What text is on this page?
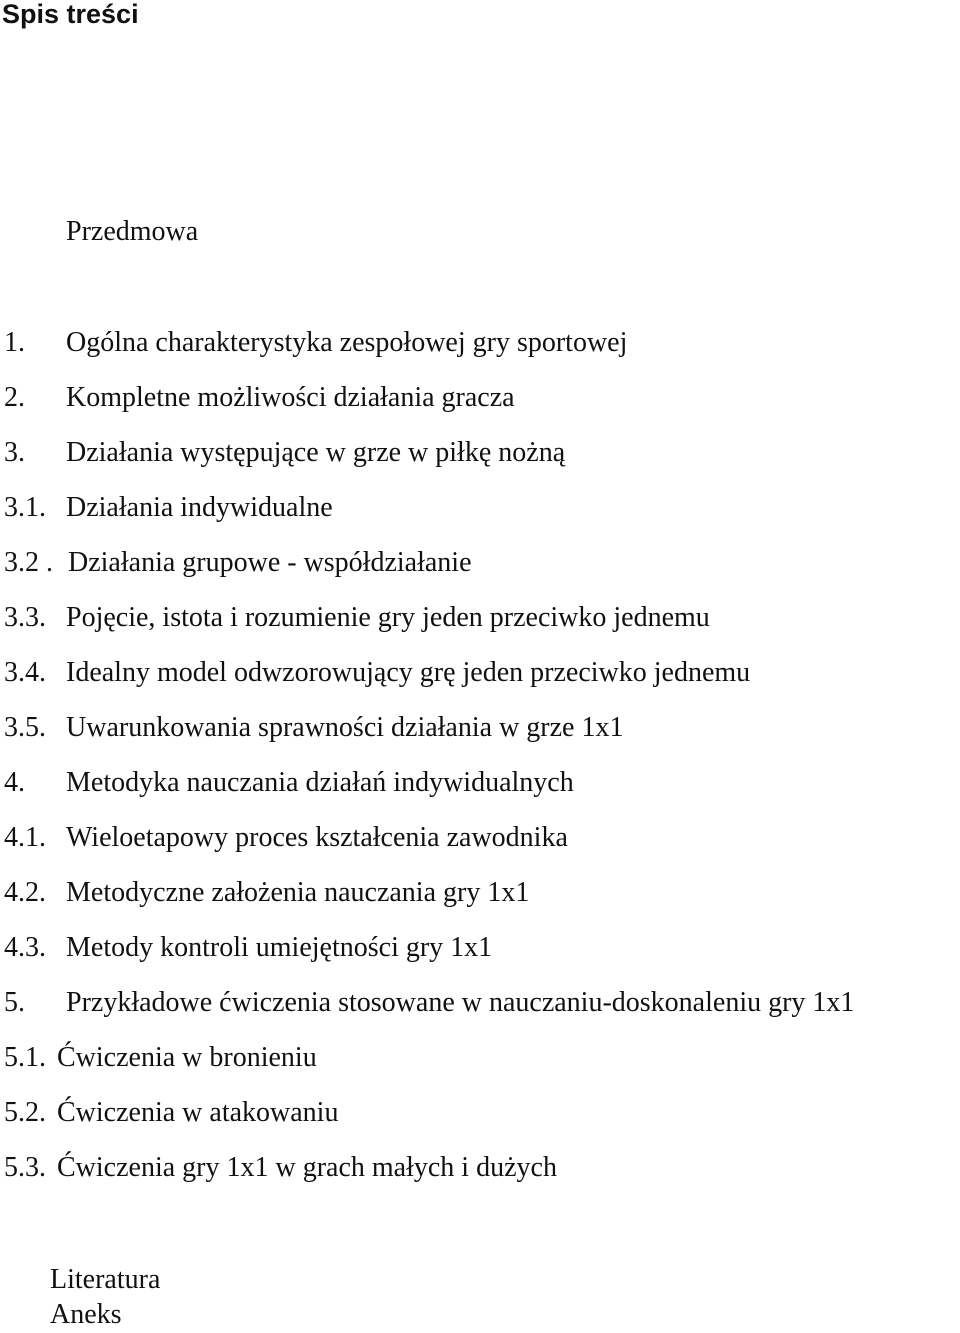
Spis treści
Przedmowa
1. Ogólna charakterystyka zespołowej gry sportowej
2. Kompletne możliwości działania gracza
3. Działania występujące w grze w piłkę nożną
3.1. Działania indywidualne
3.2 . Działania grupowe - współdziałanie
3.3. Pojęcie, istota i rozumienie gry jeden przeciwko jednemu
3.4. Idealny model odwzorowujący grę jeden przeciwko jednemu
3.5. Uwarunkowania sprawności działania w grze 1x1
4. Metodyka nauczania działań indywidualnych
4.1. Wieloetapowy proces kształcenia zawodnika
4.2. Metodyczne założenia nauczania gry 1x1
4.3. Metody kontroli umiejętności gry 1x1
5. Przykładowe ćwiczenia stosowane w nauczaniu-doskonaleniu gry 1x1
5.1. Ćwiczenia w bronieniu
5.2. Ćwiczenia w atakowaniu
5.3. Ćwiczenia gry 1x1 w grach małych i dużych
Literatura
Aneks
